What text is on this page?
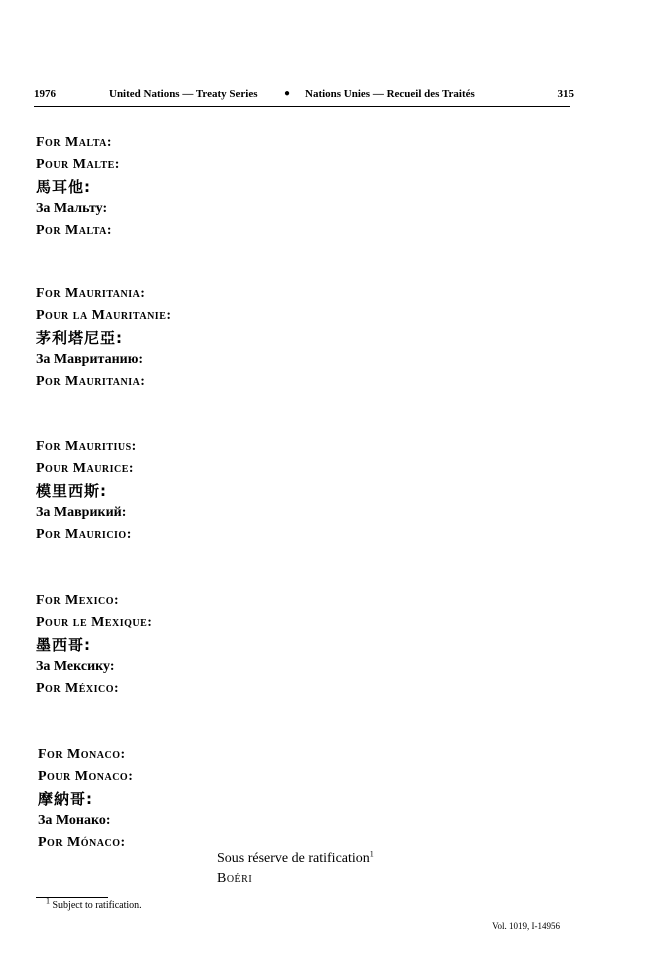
1976	United Nations — Treaty Series	● Nations Unies — Recueil des Traités	315
For Malta:
Pour Malte:
馬耳他:
За Мальту:
Por Malta:
For Mauritania:
Pour la Mauritanie:
茅利塔尼亞:
За Мавританию:
Por Mauritania:
For Mauritius:
Pour Maurice:
模里西斯:
За Маврикий:
Por Mauricio:
For Mexico:
Pour le Mexique:
墨西哥:
За Мексику:
Por México:
For Monaco:
Pour Monaco:
摩納哥:
За Монако:
Por Mónaco:
Sous réserve de ratification$^1$
Boéri
$^1$ Subject to ratification.
Vol. 1019, I-14956
